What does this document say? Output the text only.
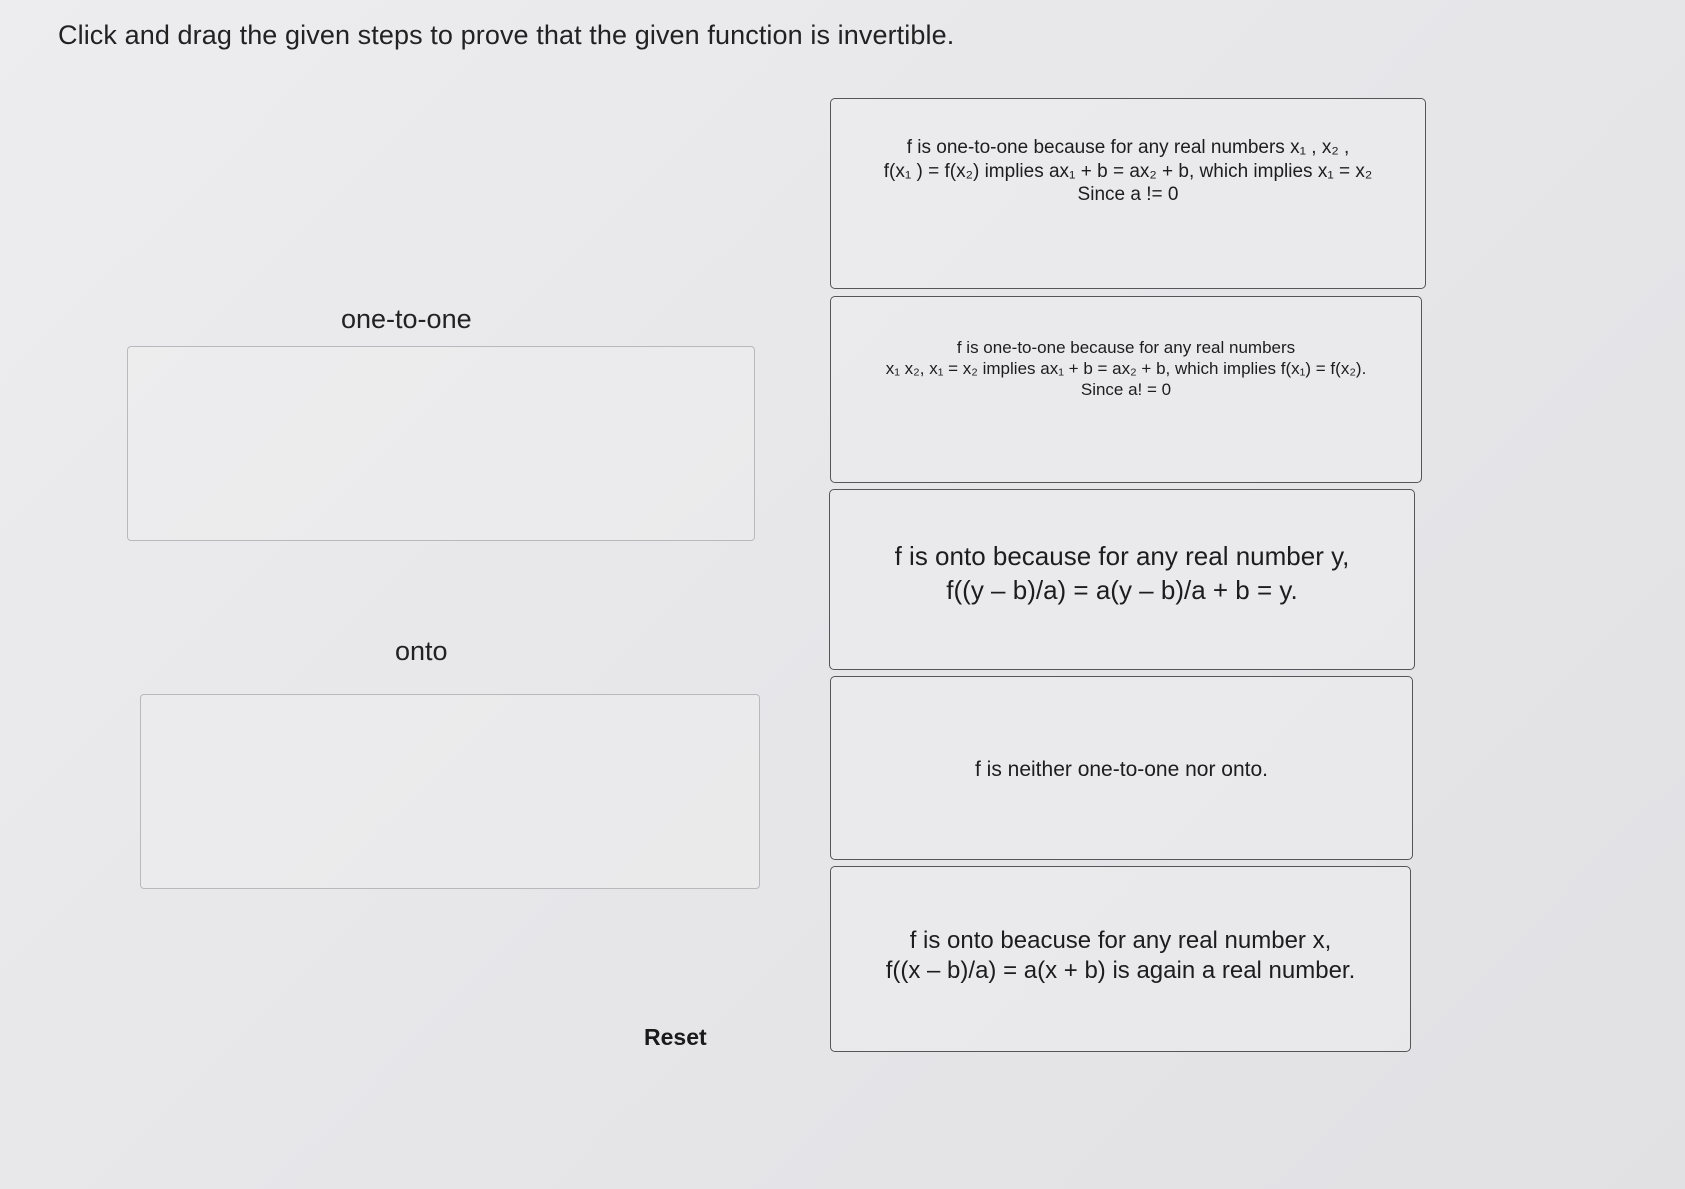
Click and drag the given steps to prove that the given function is invertible.
one-to-one
onto
Reset
f is one-to-one because for any real numbers x₁ , x₂ ,
f(x₁ ) = f(x₂) implies ax₁ + b = ax₂ + b, which implies x₁ = x₂
Since a != 0
f is one-to-one because for any real numbers
x₁ x₂, x₁ = x₂ implies ax₁ + b = ax₂ + b, which implies f(x₁) = f(x₂).
Since a! = 0
f is onto because for any real number y,
f((y – b)/a) = a(y – b)/a + b = y.
f is neither one-to-one nor onto.
f is onto beacuse for any real number x,
f((x – b)/a) = a(x + b) is again a real number.
